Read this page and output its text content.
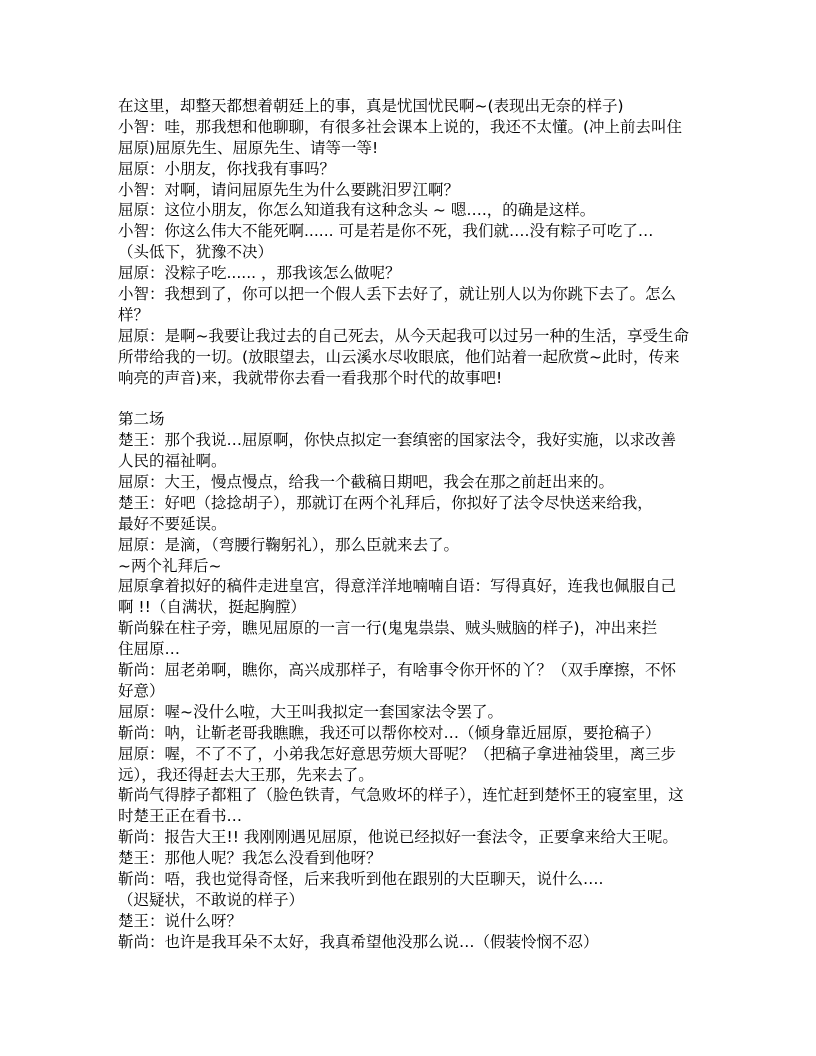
在这里，却整天都想着朝廷上的事，真是忧国忧民啊~(表现出无奈的样子)
小智：哇，那我想和他聊聊，有很多社会课本上说的，我还不太懂。(冲上前去叫住
屈原)屈原先生、屈原先生、请等一等!
屈原：小朋友，你找我有事吗？
小智：对啊，请问屈原先生为什么要跳汨罗江啊？
屈原：这位小朋友，你怎么知道我有这种念头 ~ 嗯….，的确是这样。
小智：你这么伟大不能死啊...... 可是若是你不死，我们就….没有粽子可吃了…
（头低下，犹豫不决）
屈原：没粽子吃...... ，那我该怎么做呢？
小智：我想到了，你可以把一个假人丢下去好了，就让别人以为你跳下去了。怎么
样？
屈原：是啊~我要让我过去的自己死去，从今天起我可以过另一种的生活，享受生命
所带给我的一切。(放眼望去，山云溪水尽收眼底，他们站着一起欣赏~此时，传来
响亮的声音)来，我就带你去看一看我那个时代的故事吧!
第二场
楚王：那个我说…屈原啊，你快点拟定一套缜密的国家法令，我好实施，以求改善
人民的福祉啊。
屈原：大王，慢点慢点，给我一个截稿日期吧，我会在那之前赶出来的。
楚王：好吧（捻捻胡子），那就订在两个礼拜后，你拟好了法令尽快送来给我，
最好不要延误。
屈原：是滴，（弯腰行鞠躬礼），那么臣就来去了。
~两个礼拜后~
屈原拿着拟好的稿件走进皇宫，得意洋洋地喃喃自语：写得真好，连我也佩服自己
啊 !!（自满状，挺起胸膛）
靳尚躲在柱子旁，瞧见屈原的一言一行(鬼鬼祟祟、贼头贼脑的样子)，冲出来拦
住屈原…
靳尚：屈老弟啊，瞧你，高兴成那样子，有啥事令你开怀的丫？（双手摩擦，不怀
好意）
屈原：喔~没什么啦，大王叫我拟定一套国家法令罢了。
靳尚：呐，让靳老哥我瞧瞧，我还可以帮你校对…（倾身靠近屈原，要抢稿子）
屈原：喔，不了不了，小弟我怎好意思劳烦大哥呢？（把稿子拿进袖袋里，离三步
远），我还得赶去大王那，先来去了。
靳尚气得脖子都粗了（脸色铁青，气急败坏的样子），连忙赶到楚怀王的寝室里，这
时楚王正在看书…
靳尚：报告大王!! 我刚刚遇见屈原，他说已经拟好一套法令，正要拿来给大王呢。
楚王：那他人呢？我怎么没看到他呀？
靳尚：唔，我也觉得奇怪，后来我听到他在跟别的大臣聊天，说什么….
（迟疑状，不敢说的样子）
楚王：说什么呀？
靳尚：也许是我耳朵不太好，我真希望他没那么说…（假装怜悯不忍）
